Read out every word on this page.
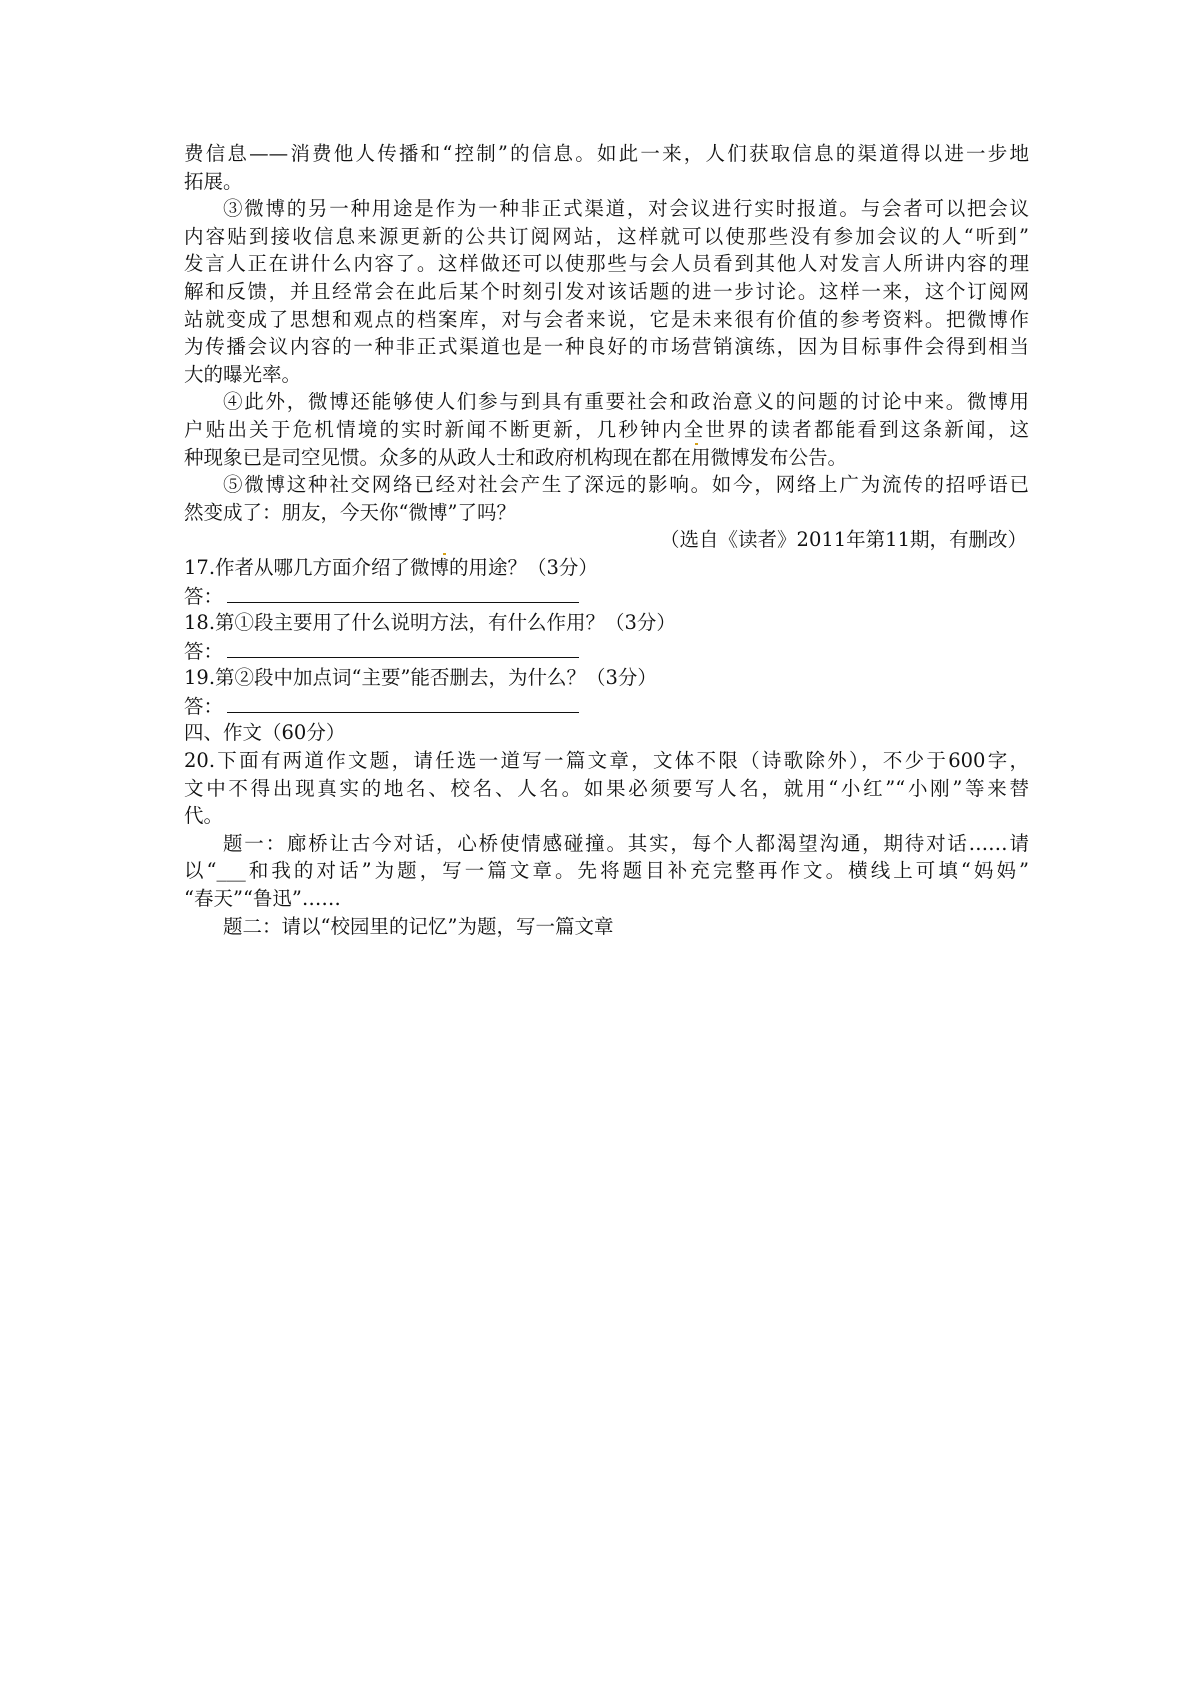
费信息——消费他人传播和“控制”的信息。如此一来，人们获取信息的渠道得以进一步地
拓展。
③微博的另一种用途是作为一种非正式渠道，对会议进行实时报道。与会者可以把会议
内容贴到接收信息来源更新的公共订阅网站，这样就可以使那些没有参加会议的人“听到”
发言人正在讲什么内容了。这样做还可以使那些与会人员看到其他人对发言人所讲内容的理
解和反馈，并且经常会在此后某个时刻引发对该话题的进一步讨论。这样一来，这个订阅网
站就变成了思想和观点的档案库，对与会者来说，它是未来很有价值的参考资料。把微博作
为传播会议内容的一种非正式渠道也是一种良好的市场营销演练，因为目标事件会得到相当
大的曝光率。
④此外，微博还能够使人们参与到具有重要社会和政治意义的问题的讨论中来。微博用
户贴出关于危机情境的实时新闻不断更新，几秒钟内全世界的读者都能看到这条新闻，这
种现象已是司空见惯。众多的从政人士和政府机构现在都在用微博发布公告。
⑤微博这种社交网络已经对社会产生了深远的影响。如今，网络上广为流传的招呼语已
然变成了：朋友，今天你“微博”了吗？
（选自《读者》2011年第11期，有删改）
17.作者从哪几方面介绍了微博的用途？（3分）
答：
18.第①段主要用了什么说明方法，有什么作用？（3分）
答：
19.第②段中加点词“主要”能否删去，为什么？（3分）
答：
四、作文（60分）
20.下面有两道作文题，请任选一道写一篇文章，文体不限（诗歌除外），不少于600字，
文中不得出现真实的地名、校名、人名。如果必须要写人名，就用“小红”“小刚”等来替
代。
题一：廊桥让古今对话，心桥使情感碰撞。其实，每个人都渴望沟通，期待对话……请
以“___和我的对话”为题，写一篇文章。先将题目补充完整再作文。横线上可填“妈妈”
“春天”“鲁迅”……
题二：请以“校园里的记忆”为题，写一篇文章
